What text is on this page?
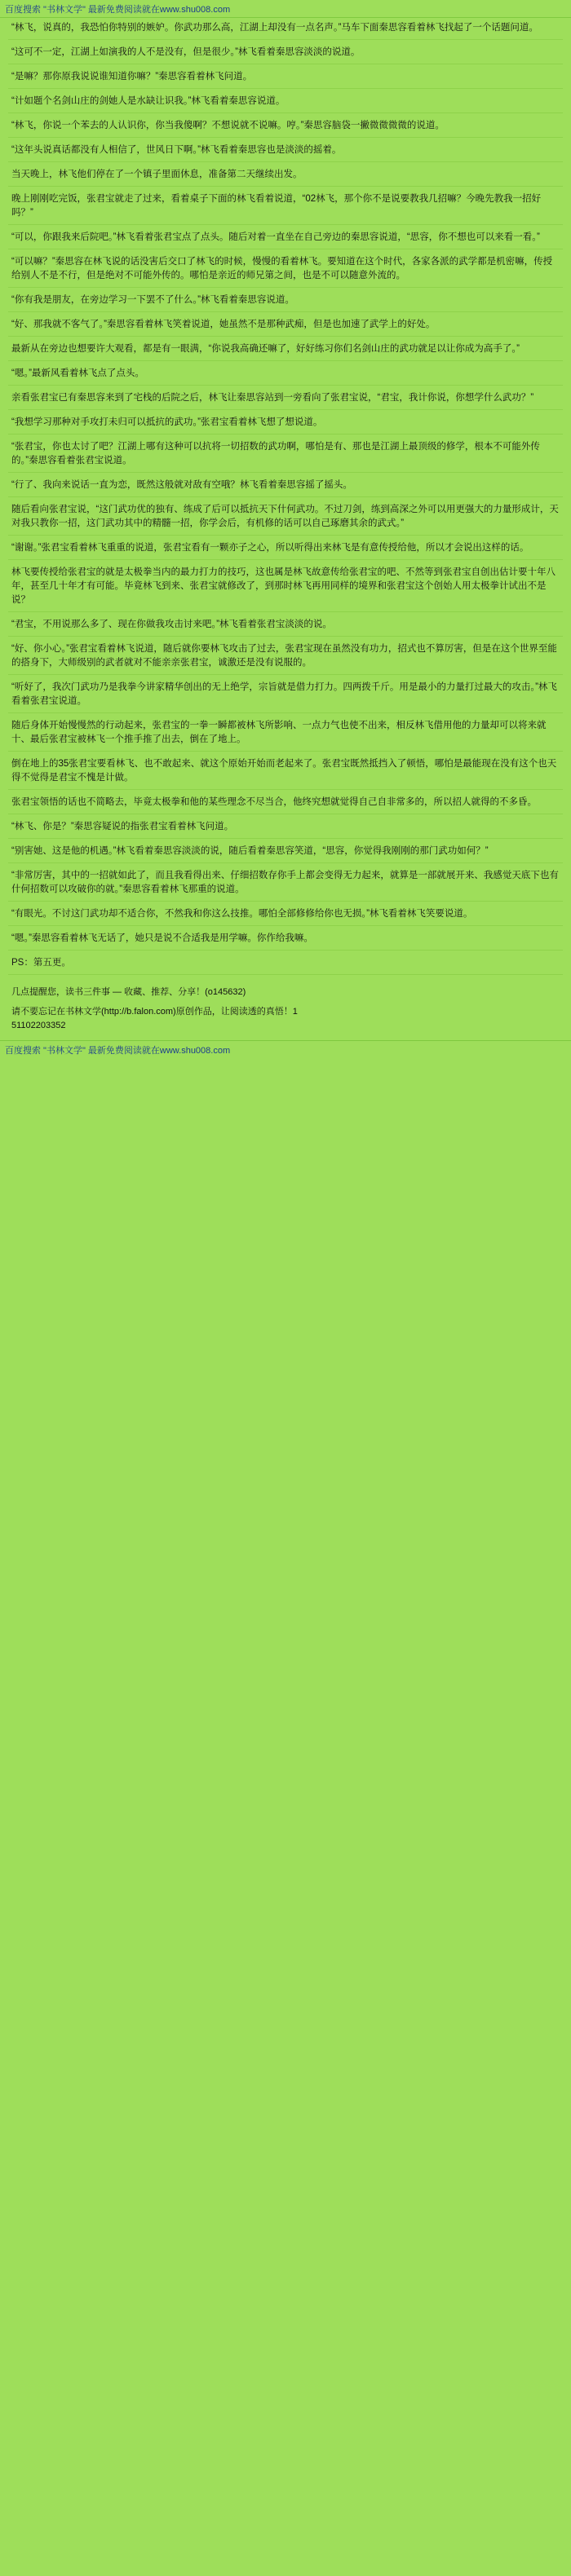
百度搜索 "书林文学" 最新免费阅读就在www.shu008.com

“林飞，说真的，我恐怕你特别的嫉妒。你武功那么高，江湖上却没有一点名声。”马车下面秦思容看着林飞找起了一个话题问道。

“这可不一定，江湖上如演我的人不是没有，但是很少。”林飞看着秦思容淡淡的说道。

“是嘛？那你原我说说谁知道你嘛？”秦思容看着林飞问道。

“计如题个名剑山庄的剑她人是水缺让识我。”林飞看着秦思容说道。

“林飞，你说一个苯去的人认识你，你当我傻啊？不想说就不说嘛。哼。”秦思容脑袋一撇微微微微的说道。

“这年头说真话都没有人相信了，世风日下啊。”林飞看着秦思容也是淡淡的摇着。

当天晚上，林飞他们停在了一个镇子里面休息，准备第二天继续出发。

晚上刚刚吃完饭，张君宝就走了过来，看着桌子下面的林飞看着说道，“02林飞，那个你不是说要教我几招嘛？今晚先教我一招好吗？”

“可以，你跟我来后院吧。”林飞看着张君宝点了点头。随后对着一直坐在自己旁边的秦思容说道，“思容，你不想也可以来看一看。”

“可以嘛？”秦思容在林飞说的话没害后交口了林飞的时候，慢慢的看着林飞。要知道在这个时代，各家各派的武学都是机密嘛，传授给别人不是不行，但是绝对不可能外传的。哪怕是亲近的师兄第之间，也是不可以随意外流的。

“你有我是朋友，在旁边学习一下罢不了什么。”林飞看着秦思容说道。

“好、那我就不客气了。”秦思容看着林飞笑着说道，她虽然不是那种武痴，但是也加速了武学上的好处。

最新从在旁边也想要许大观看，都是有一眼满，“你说我高确还嘛了，好好练习你们名剑山庄的武功就足以让你成为高手了。”

“嗯。”最新风看着林飞点了点头。

亲看张君宝已有秦思容来到了宅栈的后院之后，林飞让秦思容站到一旁看向了张君宝说，“君宝，我计你说，你想学什么武功？”

“我想学习那种对手攻打未归可以抵抗的武功。”张君宝看着林飞想了想说道。

“张君宝，你也太讨了吧？江湖上哪有这种可以抗将一切招数的武功啊，哪怕是有、那也是江湖上最顶级的修学，根本不可能外传的。”秦思容看着张君宝说道。

“行了、我向来说话一直为恋，既然这般就对敌有空哦？林飞看着秦思容摇了摇头。

随后看向张君宝说，“这门武功优的独有、练成了后可以抵抗天下什何武功。不过刀剑，练到高深之外可以用更强大的力量形成计，天对我只教你一招，这门武功其中的精髓一招，你学会后，有机修的话可以自己琢磨其余的武式。”

“谢谢。”张君宝看着林飞重重的说道，张君宝看有一颗亦子之心，所以听得出来林飞是有意传授给他，所以才会说出这样的话。

林飞要传授给张君宝的就是太极拳当内的最力打力的技巧，这也属是林飞故意传给张君宝的吧、不然等到张君宝自创出估计要十年八年，甚至几十年才有可能。毕竟林飞到来、张君宝就修改了，到那时林飞再用同样的境界和张君宝这个创始人用太极拳计试出不是说？

“君宝，不用说那么多了、现在你做我攻击讨来吧。”林飞看着张君宝淡淡的说。

“好、你小心。”张君宝看着林飞说道，随后就你要林飞攻击了过去，张君宝现在虽然没有功力，招式也不算厉害，但是在这个世界至能的搭身下，大师级别的武者就对不能亲亲张君宝，诚激还是没有说服的。

“听好了，我次门武功乃是我拳今讲家精华创出的无上绝学，宗旨就是借力打力。四两拨千斤。用是最小的力量打过最大的攻击。”林飞看着张君宝说道。

随后身体开始慢慢然的行动起来，张君宝的一拳一瞬都被林飞所影响、一点力气也使不出来，相反林飞借用他的力量却可以将来就十、最后张君宝被林飞一个推手推了出去，倒在了地上。

倒在地上的35张君宝要看林飞、也不敢起来、就这个原始开始而老起来了。张君宝既然抵挡入了顿悟，哪怕是最能现在没有这个也天得不觉得是君宝不愧是计做。

张君宝领悟的话也不简略去，毕竟太极拳和他的某些理念不尽当合，他终究想就觉得自己自非常多的，所以招人就得的不多昏。

“林飞、你是？”秦思容疑说的指张君宝看着林飞问道。

“别害她、这是他的机遇。”林飞看着秦思容淡淡的说，随后看着秦思容笑道，“思容，你觉得我刚刚的那门武功如何？”

“非常厉害，其中的一招就如此了，而且我看得出来、仔细招数存你手上都会变得无力起来，就算是一部就展开来、我感觉天底下也有什何招数可以攻破你的就。”秦思容看着林飞那重的说道。

“有眼光。不讨这门武功却不适合你，不然我和你这么技推。哪怕全部修修给你也无损。”林飞看着林飞笑要说道。

“嗯。”秦思容看着林飞无话了，她只是说不合适我是用学嘛。你作给我嘛。

PS：第五更。
几点提醒您，读书三件事 — 收藏、推荐、分享！(o145632)
请不要忘记在书林文学(http://b.falon.com)原创作品，让阅读透的真悟！1
51102203352
百度搜索 "书林文学" 最新免费阅读就在www.shu008.com
